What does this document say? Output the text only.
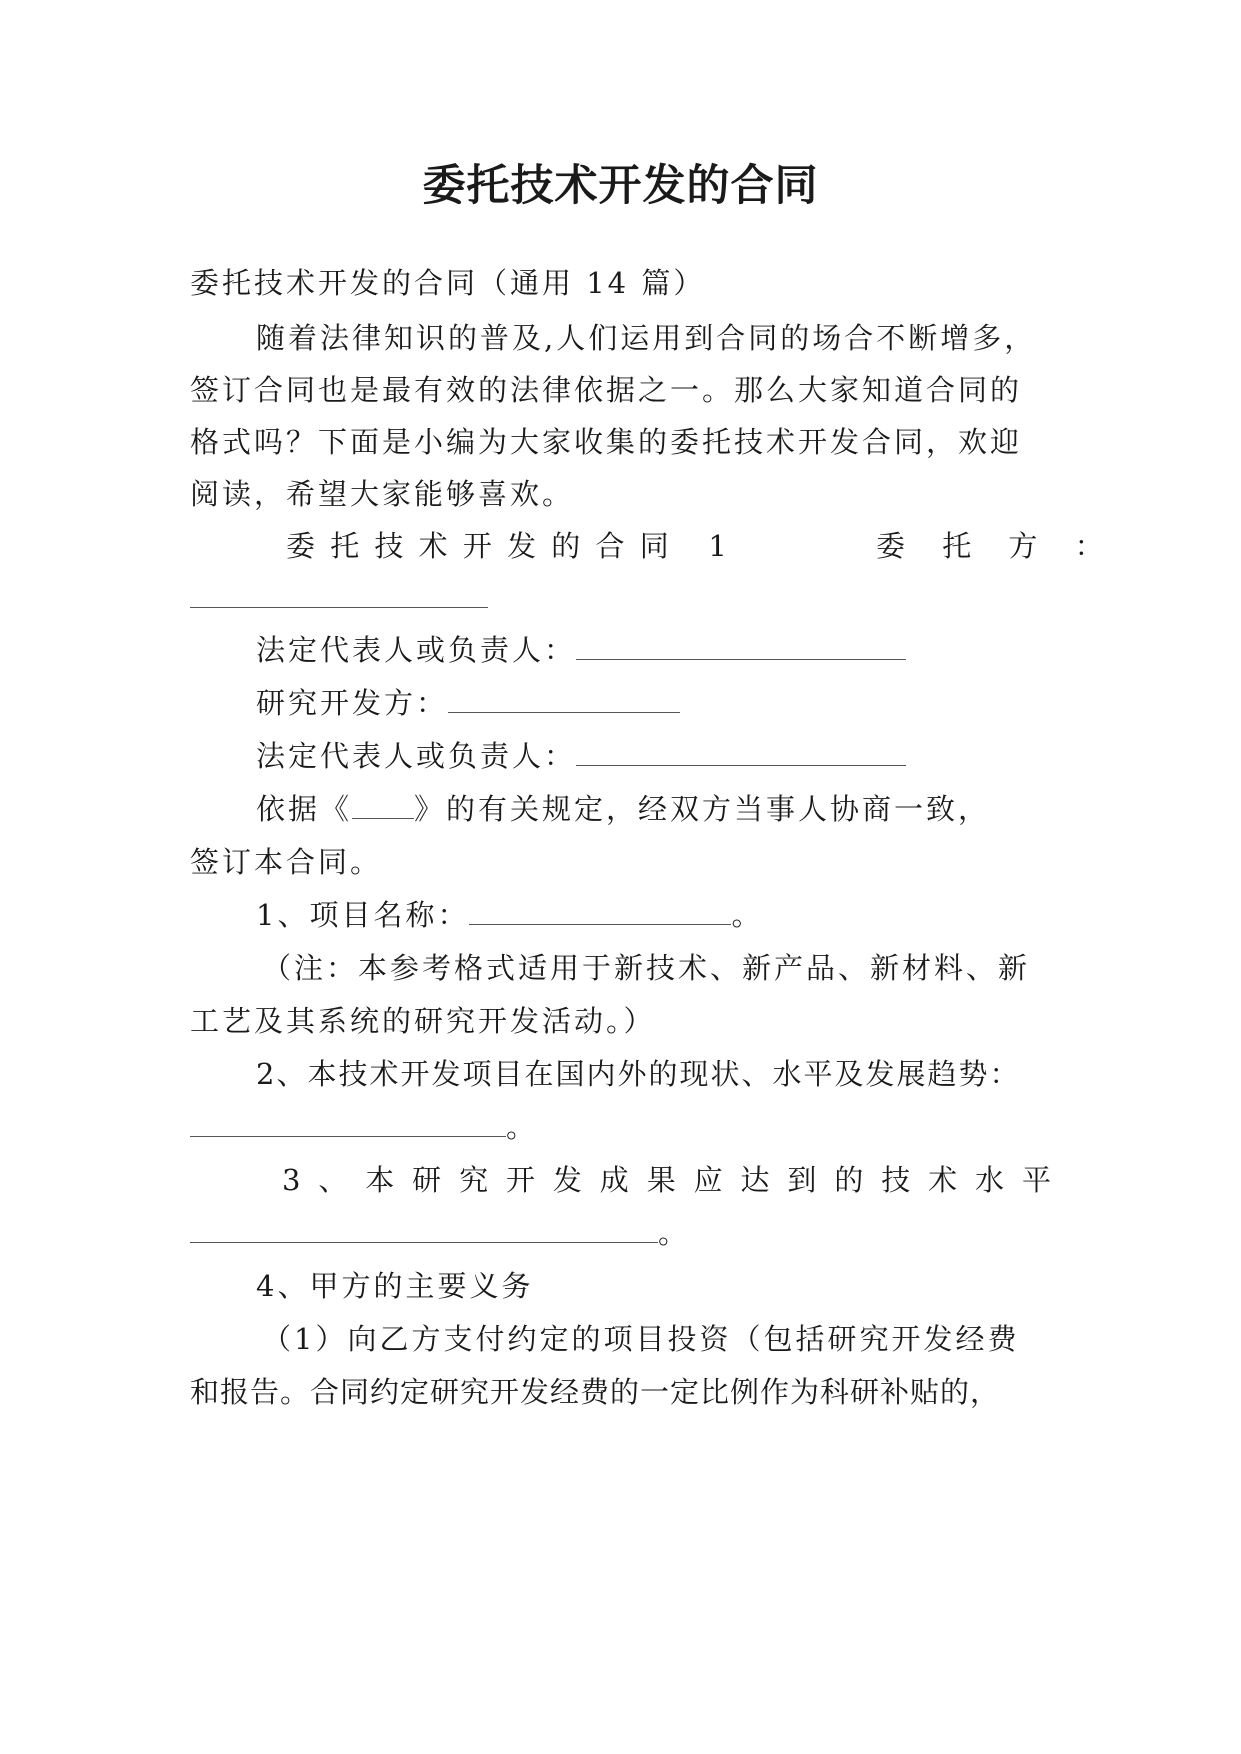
委托技术开发的合同
委托技术开发的合同（通用 14 篇）
随着法律知识的普及,人们运用到合同的场合不断增多，
签订合同也是最有效的法律依据之一。那么大家知道合同的
格式吗？下面是小编为大家收集的委托技术开发合同，欢迎
阅读，希望大家能够喜欢。
委 托 技 术 开 发 的 合 同   1	委 托 方 ：
法定代表人或负责人：
研究开发方：
法定代表人或负责人：
依据《 》的有关规定，经双方当事人协商一致，
签订本合同。
1、项目名称：	。
（注：本参考格式适用于新技术、新产品、新材料、新
工艺及其系统的研究开发活动。）
2、本技术开发项目在国内外的现状、水平及发展趋势：
。
3 、 本 研 究 开 发 成 果 应 达 到 的 技 术 水 平
。
4、甲方的主要义务
（1）向乙方支付约定的项目投资（包括研究开发经费
和报告。合同约定研究开发经费的一定比例作为科研补贴的，
